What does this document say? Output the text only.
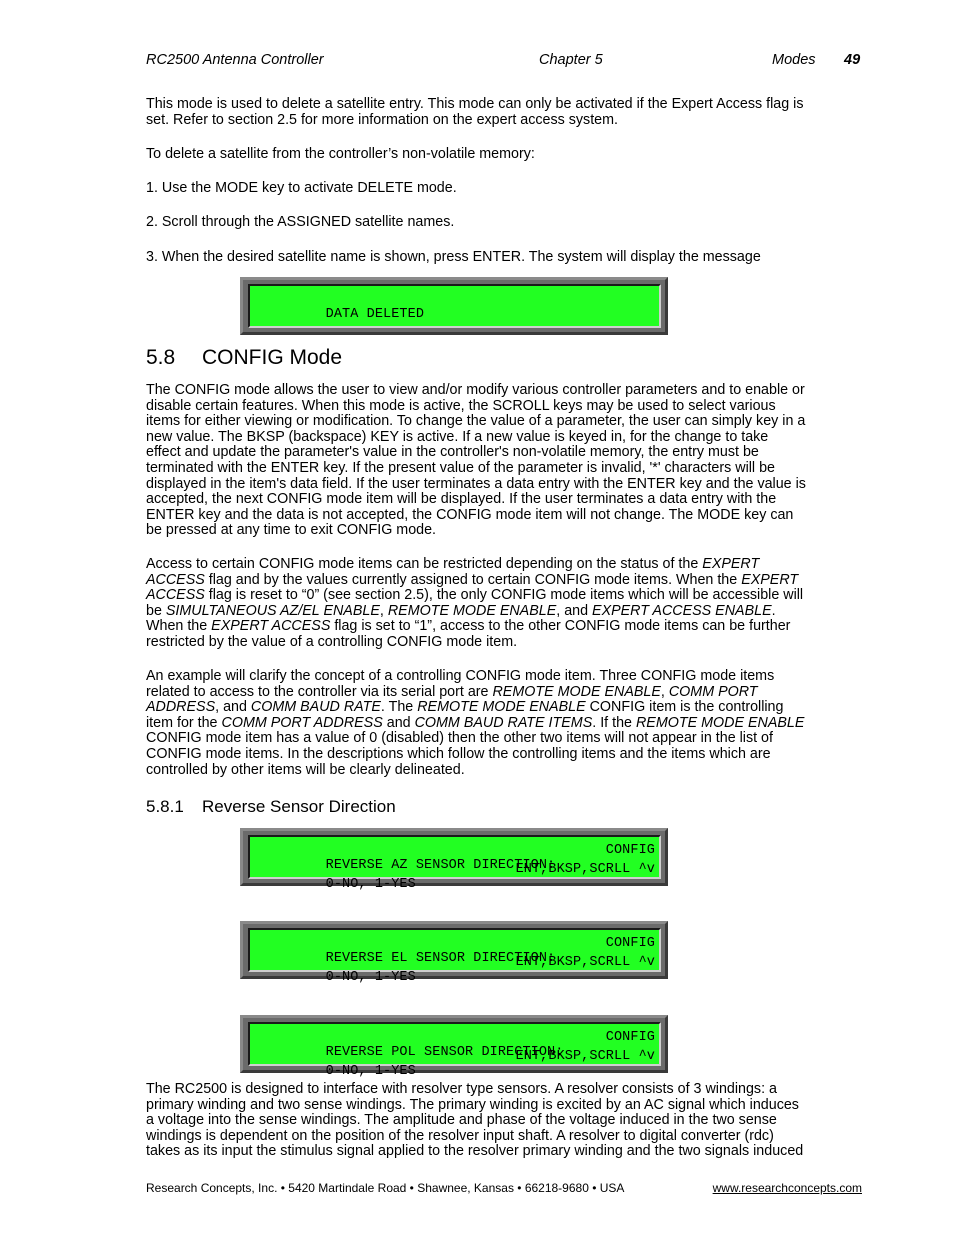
RC2500 Antenna Controller	Chapter 5	Modes 49

This mode is used to delete a satellite entry. This mode can only be activated if the Expert Access flag is
set. Refer to section 2.5 for more information on the expert access system.

To delete a satellite from the controller’s non-volatile memory:

1. Use the MODE key to activate DELETE mode.

2. Scroll through the ASSIGNED satellite names.

3. When the desired satellite name is shown, press ENTER. The system will display the message

DATA DELETED

5.8 CONFIG Mode

The CONFIG mode allows the user to view and/or modify various controller parameters and to enable or
disable certain features. When this mode is active, the SCROLL keys may be used to select various
items for either viewing or modification. To change the value of a parameter, the user can simply key in a
new value. The BKSP (backspace) KEY is active. If a new value is keyed in, for the change to take
effect and update the parameter's value in the controller's non-volatile memory, the entry must be
terminated with the ENTER key. If the present value of the parameter is invalid, '*' characters will be
displayed in the item's data field. If the user terminates a data entry with the ENTER key and the value is
accepted, the next CONFIG mode item will be displayed. If the user terminates a data entry with the
ENTER key and the data is not accepted, the CONFIG mode item will not change. The MODE key can
be pressed at any time to exit CONFIG mode.

Access to certain CONFIG mode items can be restricted depending on the status of the EXPERT
ACCESS flag and by the values currently assigned to certain CONFIG mode items. When the EXPERT
ACCESS flag is reset to “0” (see section 2.5), the only CONFIG mode items which will be accessible will
be SIMULTANEOUS AZ/EL ENABLE, REMOTE MODE ENABLE, and EXPERT ACCESS ENABLE.
When the EXPERT ACCESS flag is set to “1”, access to the other CONFIG mode items can be further
restricted by the value of a controlling CONFIG mode item.

An example will clarify the concept of a controlling CONFIG mode item. Three CONFIG mode items
related to access to the controller via its serial port are REMOTE MODE ENABLE, COMM PORT
ADDRESS, and COMM BAUD RATE. The REMOTE MODE ENABLE CONFIG item is the controlling
item for the COMM PORT ADDRESS and COMM BAUD RATE ITEMS. If the REMOTE MODE ENABLE
CONFIG mode item has a value of 0 (disabled) then the other two items will not appear in the list of
CONFIG mode items. In the descriptions which follow the controlling items and the items which are
controlled by other items will be clearly delineated.

5.8.1 Reverse Sensor Direction

REVERSE AZ SENSOR DIRECTION:
CONFIG

0-NO, 1-YES
ENT,BKSP,SCRLL ^v

REVERSE EL SENSOR DIRECTION:
CONFIG

0-NO, 1-YES
ENT,BKSP,SCRLL ^v

REVERSE POL SENSOR DIRECTION:
CONFIG

0-NO, 1-YES
ENT,BKSP,SCRLL ^v

The RC2500 is designed to interface with resolver type sensors. A resolver consists of 3 windings: a
primary winding and two sense windings. The primary winding is excited by an AC signal which induces
a voltage into the sense windings. The amplitude and phase of the voltage induced in the two sense
windings is dependent on the position of the resolver input shaft. A resolver to digital converter (rdc)
takes as its input the stimulus signal applied to the resolver primary winding and the two signals induced

Research Concepts, Inc. • 5420 Martindale Road • Shawnee, Kansas • 66218-9680 • USA	www.researchconcepts.com
